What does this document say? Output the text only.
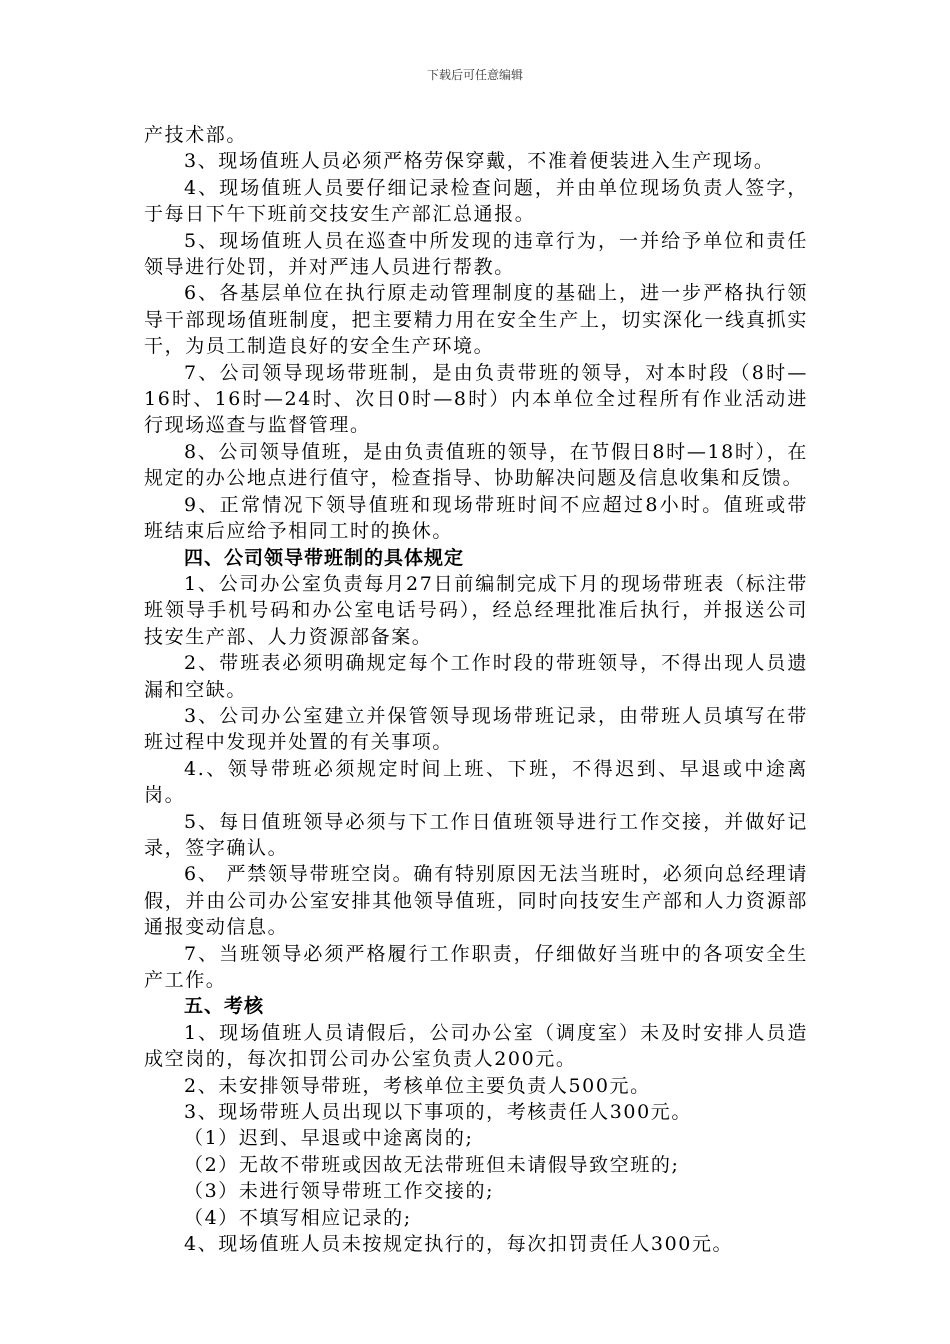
下载后可任意编辑

产技术部。

3、现场值班人员必须严格劳保穿戴，不准着便装进入生产现场。

4、现场值班人员要仔细记录检查问题，并由单位现场负责人签字，于每日下午下班前交技安生产部汇总通报。

5、现场值班人员在巡查中所发现的违章行为，一并给予单位和责任领导进行处罚，并对严违人员进行帮教。

6、各基层单位在执行原走动管理制度的基础上，进一步严格执行领导干部现场值班制度，把主要精力用在安全生产上，切实深化一线真抓实干，为员工制造良好的安全生产环境。

7、公司领导现场带班制，是由负责带班的领导，对本时段（8时—16时、16时—24时、次日0时—8时）内本单位全过程所有作业活动进行现场巡查与监督管理。

8、公司领导值班，是由负责值班的领导，在节假日8时—18时），在规定的办公地点进行值守，检查指导、协助解决问题及信息收集和反馈。

9、正常情况下领导值班和现场带班时间不应超过8小时。值班或带班结束后应给予相同工时的换休。

四、公司领导带班制的具体规定

1、公司办公室负责每月27日前编制完成下月的现场带班表（标注带班领导手机号码和办公室电话号码），经总经理批准后执行，并报送公司技安生产部、人力资源部备案。

2、带班表必须明确规定每个工作时段的带班领导，不得出现人员遗漏和空缺。

3、公司办公室建立并保管领导现场带班记录，由带班人员填写在带班过程中发现并处置的有关事项。

4.、领导带班必须规定时间上班、下班，不得迟到、早退或中途离岗。

5、每日值班领导必须与下工作日值班领导进行工作交接，并做好记录，签字确认。

6、 严禁领导带班空岗。确有特别原因无法当班时，必须向总经理请假，并由公司办公室安排其他领导值班，同时向技安生产部和人力资源部通报变动信息。

7、当班领导必须严格履行工作职责，仔细做好当班中的各项安全生产工作。

五、考核

1、现场值班人员请假后，公司办公室（调度室）未及时安排人员造成空岗的，每次扣罚公司办公室负责人200元。

2、未安排领导带班，考核单位主要负责人500元。

3、现场带班人员出现以下事项的，考核责任人300元。

（1）迟到、早退或中途离岗的;

（2）无故不带班或因故无法带班但未请假导致空班的;

（3）未进行领导带班工作交接的;

（4）不填写相应记录的;

4、现场值班人员未按规定执行的，每次扣罚责任人300元。
